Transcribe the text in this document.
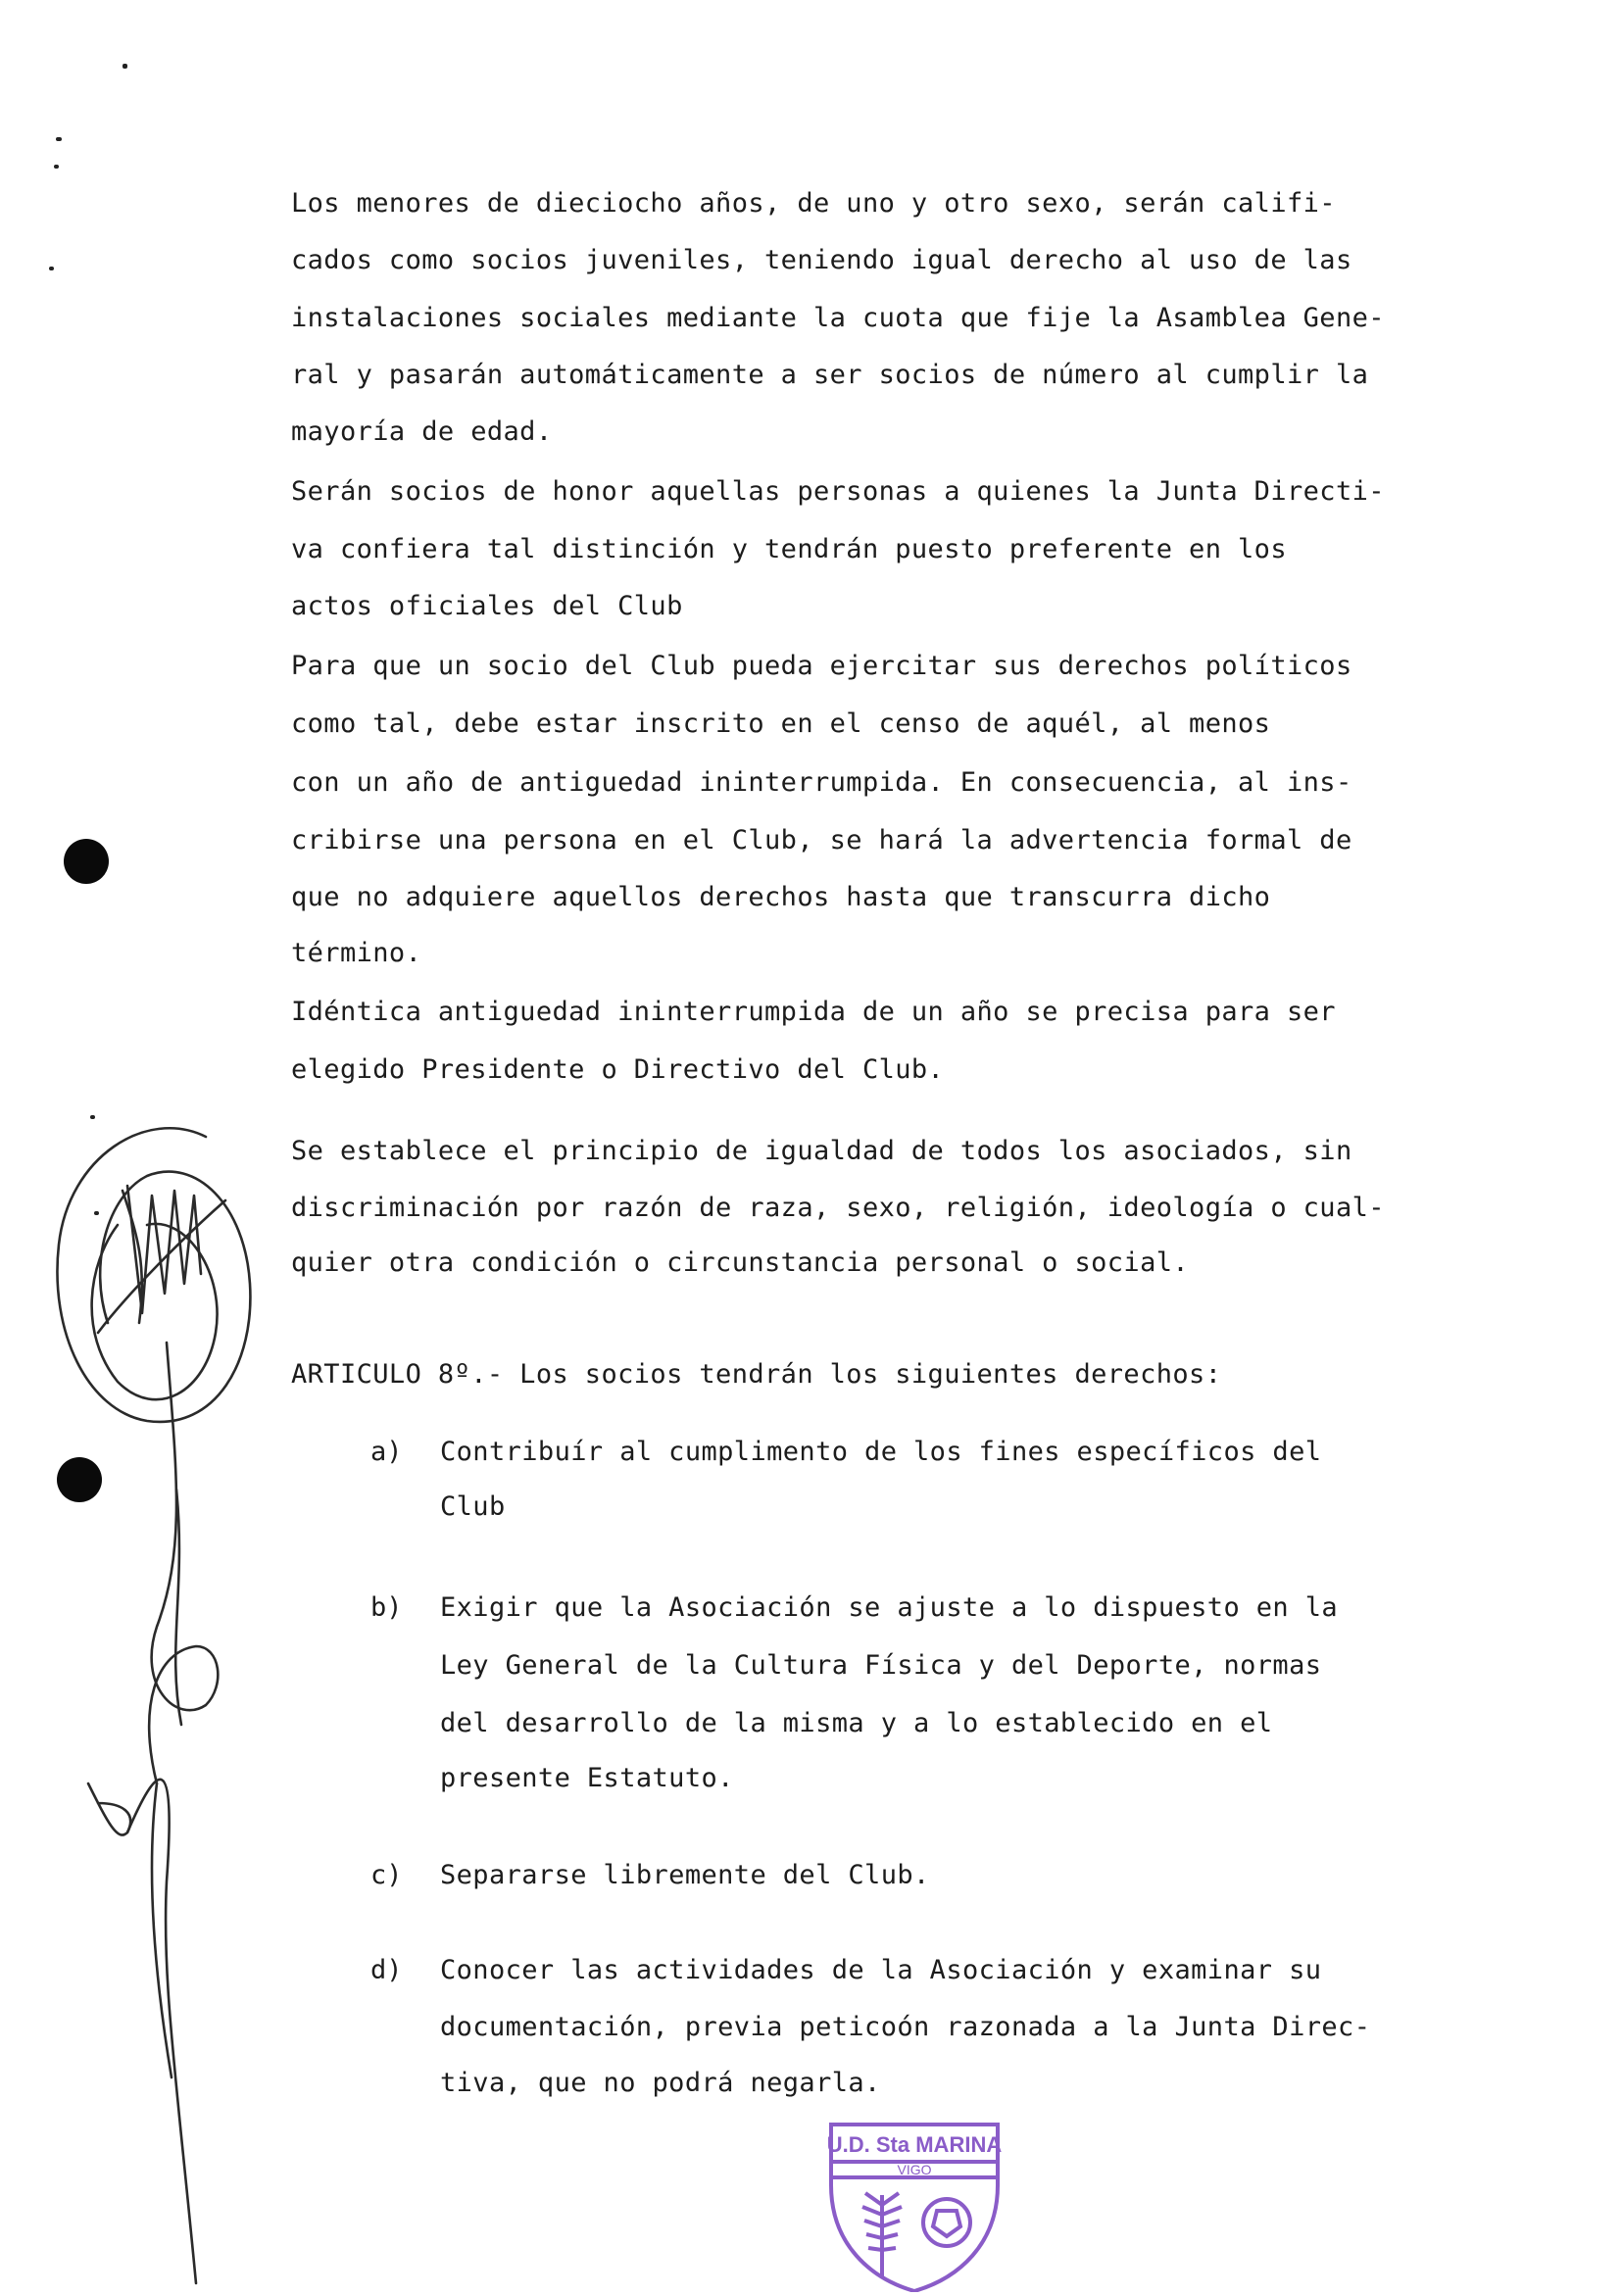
Los menores de dieciocho años, de uno y otro sexo, serán califi-
cados como socios juveniles, teniendo igual derecho al uso de las
instalaciones sociales mediante la cuota que fije la Asamblea Gene-
ral y pasarán automáticamente a ser socios de número al cumplir la
mayoría de edad.
Serán socios de honor aquellas personas a quienes la Junta Directi-
va confiera tal distinción y tendrán puesto preferente en los
actos oficiales del Club
Para que un socio del Club pueda ejercitar sus derechos políticos
como tal, debe estar inscrito en el censo de aquél, al menos
con un año de antiguedad ininterrumpida. En consecuencia, al ins-
cribirse una persona en el Club, se hará la advertencia formal de
que no adquiere aquellos derechos hasta que transcurra dicho
término.
Idéntica antiguedad ininterrumpida de un año se precisa para ser
elegido Presidente o Directivo del Club.
Se establece el principio de igualdad de todos los asociados, sin
discriminación por razón de raza, sexo, religión, ideología o cual-
quier otra condición o circunstancia personal o social.
ARTICULO 8º.- Los socios tendrán los siguientes derechos:
a) Contribuír al cumplimento de los fines específicos del
Club
b) Exigir que la Asociación se ajuste a lo dispuesto en la
Ley General de la Cultura Física y del Deporte, normas
del desarrollo de la misma y a lo establecido en el
presente Estatuto.
c) Separarse libremente del Club.
d) Conocer las actividades de la Asociación y examinar su
documentación, previa peticoón razonada a la Junta Direc-
tiva, que no podrá negarla.
U.D. Sta MARINA
VIGO
